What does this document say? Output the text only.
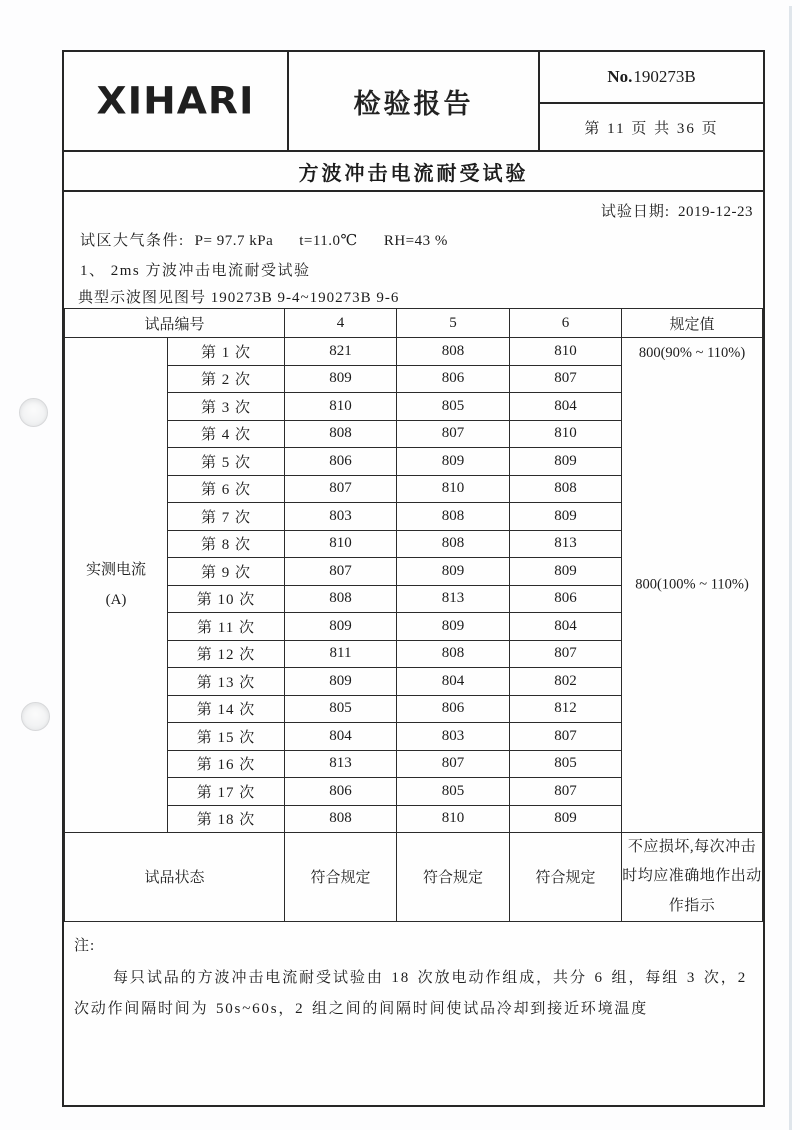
XIHARI	检验报告
No. 190273B
第 11 页 共 36 页
方波冲击电流耐受试验
试验日期: 2019-12-23
试区大气条件: P= 97.7 kPa t=11.0℃ RH=43 %
1、 2ms 方波冲击电流耐受试验
典型示波图见图号 190273B 9-4~190273B 9-6
试品编号		4	5	6	规定值

实测电流
(A)
	第 1 次	821	808	810	800(90% ~ 110%)
800(100% ~ 110%)

	第 2 次	809	806	807	
	第 3 次	810	805	804	
	第 4 次	808	807	810	
	第 5 次	806	809	809	
	第 6 次	807	810	808	
	第 7 次	803	808	809	
	第 8 次	810	808	813	
	第 9 次	807	809	809	
	第 10 次	808	813	806	
	第 11 次	809	809	804	
	第 12 次	811	808	807	
	第 13 次	809	804	802	
	第 14 次	805	806	812	
	第 15 次	804	803	807	
	第 16 次	813	807	805	
	第 17 次	806	805	807	
	第 18 次	808	810	809	
试品状态		符合规定	符合规定	符合规定	不应损坏,每次冲击时均应准确地作出动作指示
注:
每只试品的方波冲击电流耐受试验由 18 次放电动作组成，共分 6 组，每组 3 次，2 次动作间隔时间为 50s~60s，2 组之间的间隔时间使试品冷却到接近环境温度
